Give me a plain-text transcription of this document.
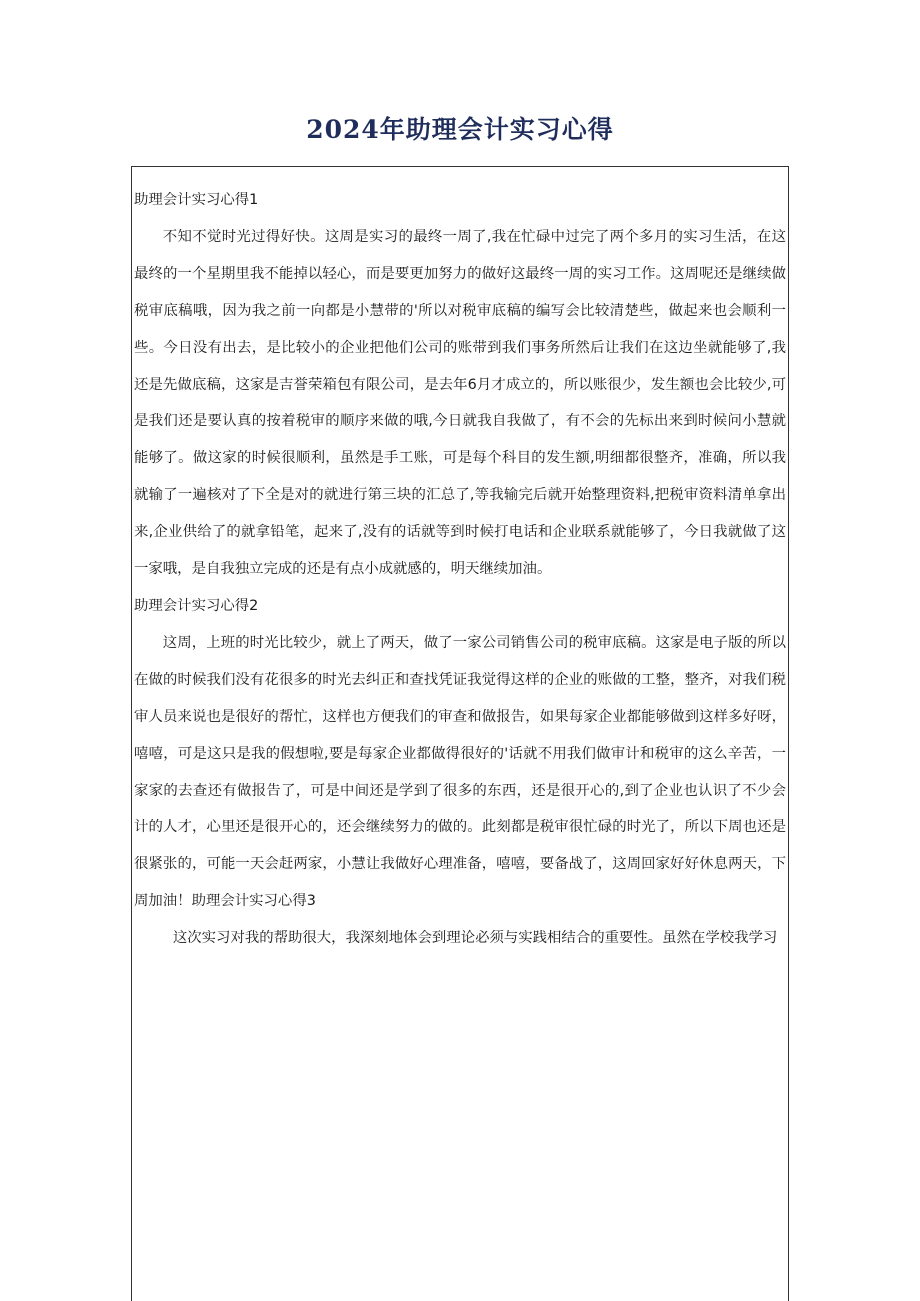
2024年助理会计实习心得

助理会计实习心得1

不知不觉时光过得好快。这周是实习的最终一周了,我在忙碌中过完了两个多月的实习生活，在这最终的一个星期里我不能掉以轻心，而是要更加努力的做好这最终一周的实习工作。这周呢还是继续做税审底稿哦，因为我之前一向都是小慧带的'所以对税审底稿的编写会比较清楚些，做起来也会顺利一些。今日没有出去，是比较小的企业把他们公司的账带到我们事务所然后让我们在这边坐就能够了,我还是先做底稿，这家是吉誉荣箱包有限公司，是去年6月才成立的，所以账很少，发生额也会比较少,可是我们还是要认真的按着税审的顺序来做的哦,今日就我自我做了，有不会的先标出来到时候问小慧就能够了。做这家的时候很顺利，虽然是手工账，可是每个科目的发生额,明细都很整齐，准确，所以我就输了一遍核对了下全是对的就进行第三块的汇总了,等我输完后就开始整理资料,把税审资料清单拿出来,企业供给了的就拿铅笔，起来了,没有的话就等到时候打电话和企业联系就能够了，今日我就做了这一家哦，是自我独立完成的还是有点小成就感的，明天继续加油。

助理会计实习心得2

这周，上班的时光比较少，就上了两天，做了一家公司销售公司的税审底稿。这家是电子版的所以在做的时候我们没有花很多的时光去纠正和查找凭证我觉得这样的企业的账做的工整，整齐，对我们税审人员来说也是很好的帮忙，这样也方便我们的审查和做报告，如果每家企业都能够做到这样多好呀，嘻嘻，可是这只是我的假想啦,要是每家企业都做得很好的'话就不用我们做审计和税审的这么辛苦，一家家的去查还有做报告了，可是中间还是学到了很多的东西，还是很开心的,到了企业也认识了不少会计的人才，心里还是很开心的，还会继续努力的做的。此刻都是税审很忙碌的时光了，所以下周也还是很紧张的，可能一天会赶两家，小慧让我做好心理准备，嘻嘻，要备战了，这周回家好好休息两天，下周加油！助理会计实习心得3

这次实习对我的帮助很大，我深刻地体会到理论必须与实践相结合的重要性。虽然在学校我学习
